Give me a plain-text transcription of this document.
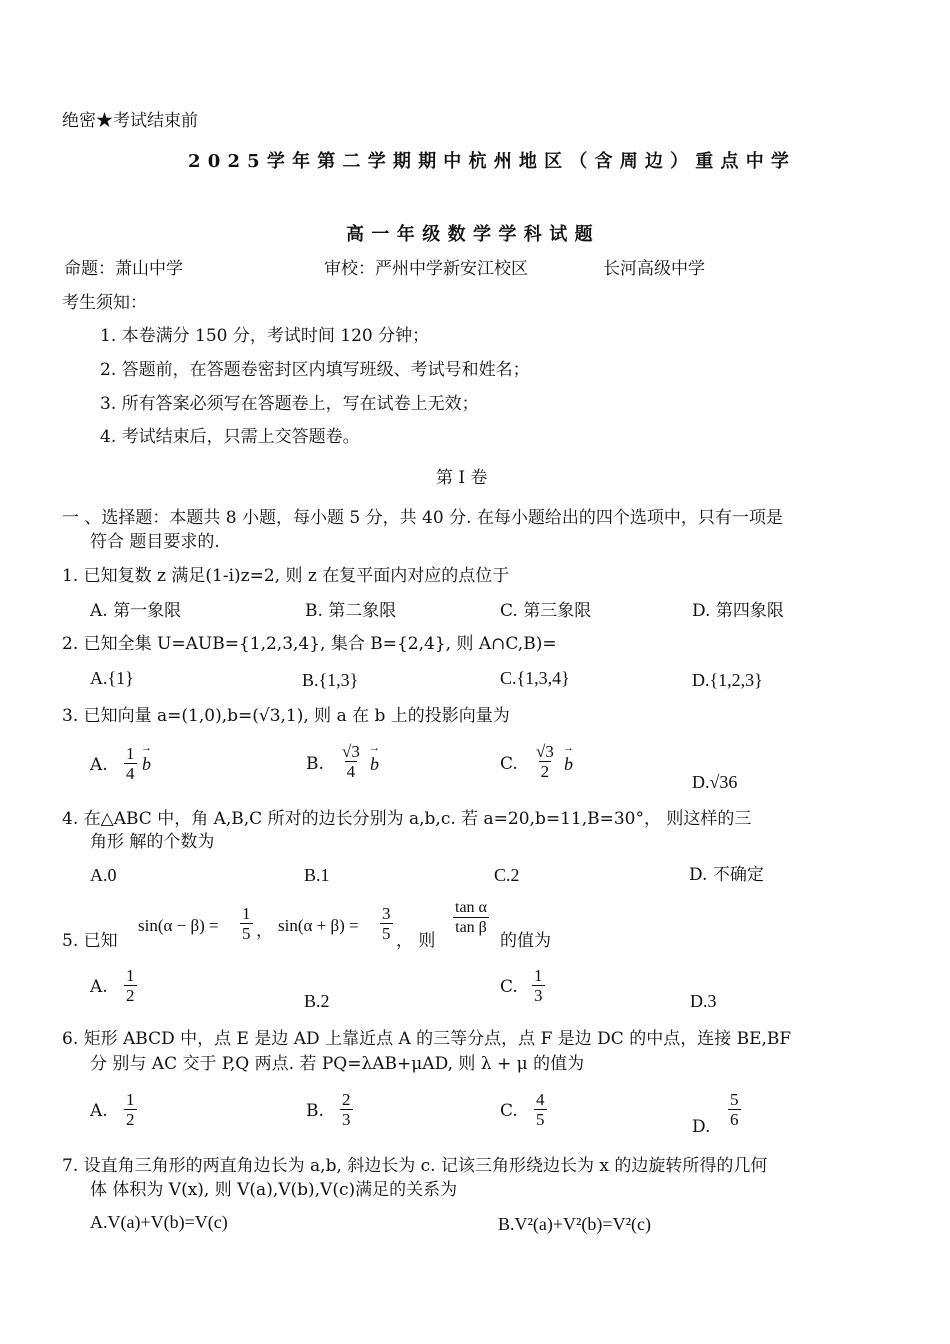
绝密★考试结束前
2025学年第二学期期中杭州地区（含周边）重点中学
高一年级数学学科试题
命题：萧山中学	审校：严州中学新安江校区	长河高级中学
考生须知：
1. 本卷满分 150 分，考试时间 120 分钟；
2. 答题前，在答题卷密封区内填写班级、考试号和姓名；
3. 所有答案必须写在答题卷上，写在试卷上无效；
4. 考试结束后，只需上交答题卷。
第 I 卷
一 、选择题：本题共 8 小题，每小题 5 分，共 40 分. 在每小题给出的四个选项中，只有一项是
符合 题目要求的.
1. 已知复数 z 满足(1-i)z=2, 则 z 在复平面内对应的点位于
A. 第一象限	B. 第二象限	C. 第三象限	D. 第四象限
2. 已知全集 U=AUB={1,2,3,4}, 集合 B={2,4}, 则 A∩C,B)=
A.{1}	B.{1,3}	C.{1,3,4}	D.{1,2,3}
3. 已知向量 a=(1,0),b=(√3,1), 则 a 在 b 上的投影向量为
A. $\frac{1}{4}$
→ b	B. $\frac{√3}{4}$
→ b	C. $\frac{√3}{2}$
→ b
D.√36
4. 在△ABC 中，角 A,B,C 所对的边长分别为 a,b,c. 若 a=20,b=11,B=30°， 则这样的三
角形 解的个数为
A.0	B.1	C.2	D. 不确定
5. 已知
$\sin(\alpha - \beta) = \frac{1}{5}$ ， $\sin(\alpha + \beta) = \frac{3}{5}$ ， 则
$\frac{\text{tan α}}{\text{tan β}}$
的值为
A. $\frac{1}{2}$	B.2
C. $\frac{1}{3}$	D.3
6. 矩形 ABCD 中，点 E 是边 AD 上靠近点 A 的三等分点，点 F 是边 DC 的中点，连接 BE,BF
分 别与 AC 交于 P,Q 两点. 若 PQ=λAB+μAD, 则 λ + μ 的值为
A. $\frac{1}{2}$	B. $\frac{2}{3}$	C. $\frac{4}{5}$	D. $\frac{5}{6}$
7. 设直角三角形的两直角边长为 a,b, 斜边长为 c. 记该三角形绕边长为 x 的边旋转所得的几何
体 体积为 V(x), 则 V(a),V(b),V(c)满足的关系为
A.V(a)+V(b)=V(c)	B.V²(a)+V²(b)=V²(c)
